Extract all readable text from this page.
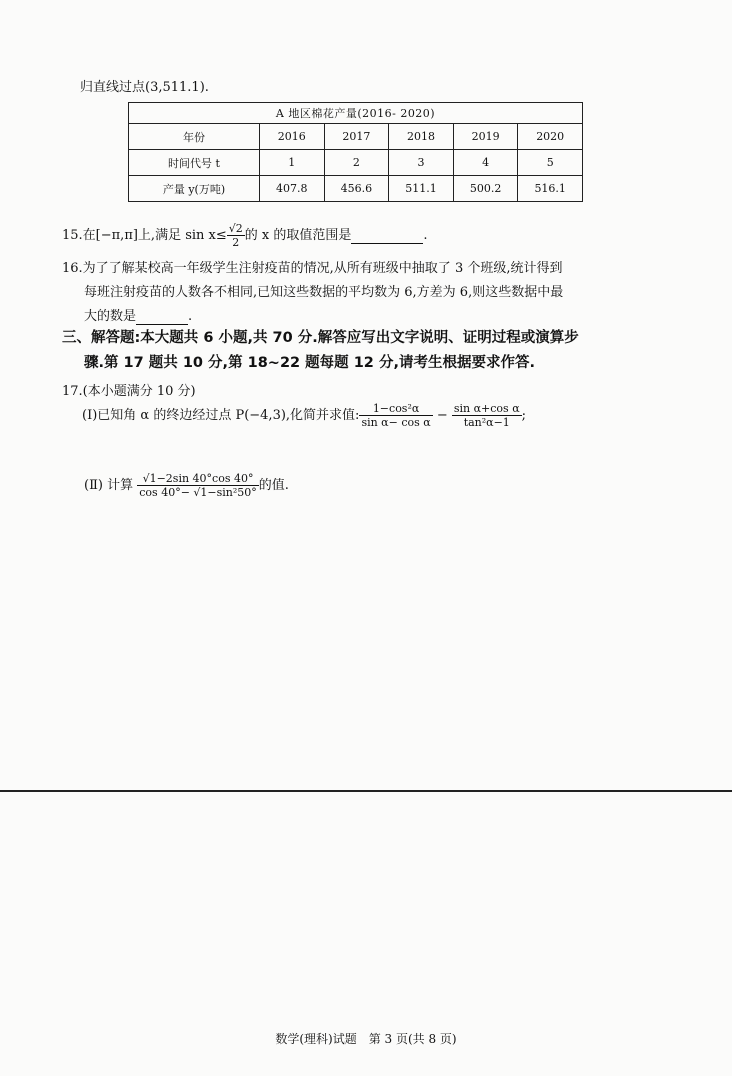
归直线过点(3,511.1).
A 地区棉花产量(2016- 2020)					
年份	2016	2017	2018	2019	2020
时间代号 t	1	2	3	4	5
产量 y(万吨)	407.8	456.6	511.1	500.2	516.1
15.在[−π,π]上,满足 $\sin x\le \frac{√2}{2}$ 的 x 的取值范围是	.
16.为了了解某校高一年级学生注射疫苗的情况,从所有班级中抽取了 3 个班级,统计得到
每班注射疫苗的人数各不相同,已知这些数据的平均数为 6,方差为 6,则这些数据中最
大的数是	.
三、解答题:本大题共 6 小题,共 70 分.解答应写出文字说明、证明过程或演算步
骤.第 17 题共 10 分,第 18~22 题每题 12 分,请考生根据要求作答.
17.(本小题满分 10 分)
(Ⅰ)已知角 α 的终边经过点 P(−4,3),化简并求值: $\frac{\text{1−cos²α}}{\text{sin α− cos α}} - \frac{\text{sin α+cos α}}{\text{tan²α−1}}$ ;
(Ⅱ) 计算 $\frac{√1-2\sin 40^\circ\cos 40^\circ}{\text{cos 40°− √1−sin²50°}}$ 的值.
数学(理科)试题　第 3 页(共 8 页)
